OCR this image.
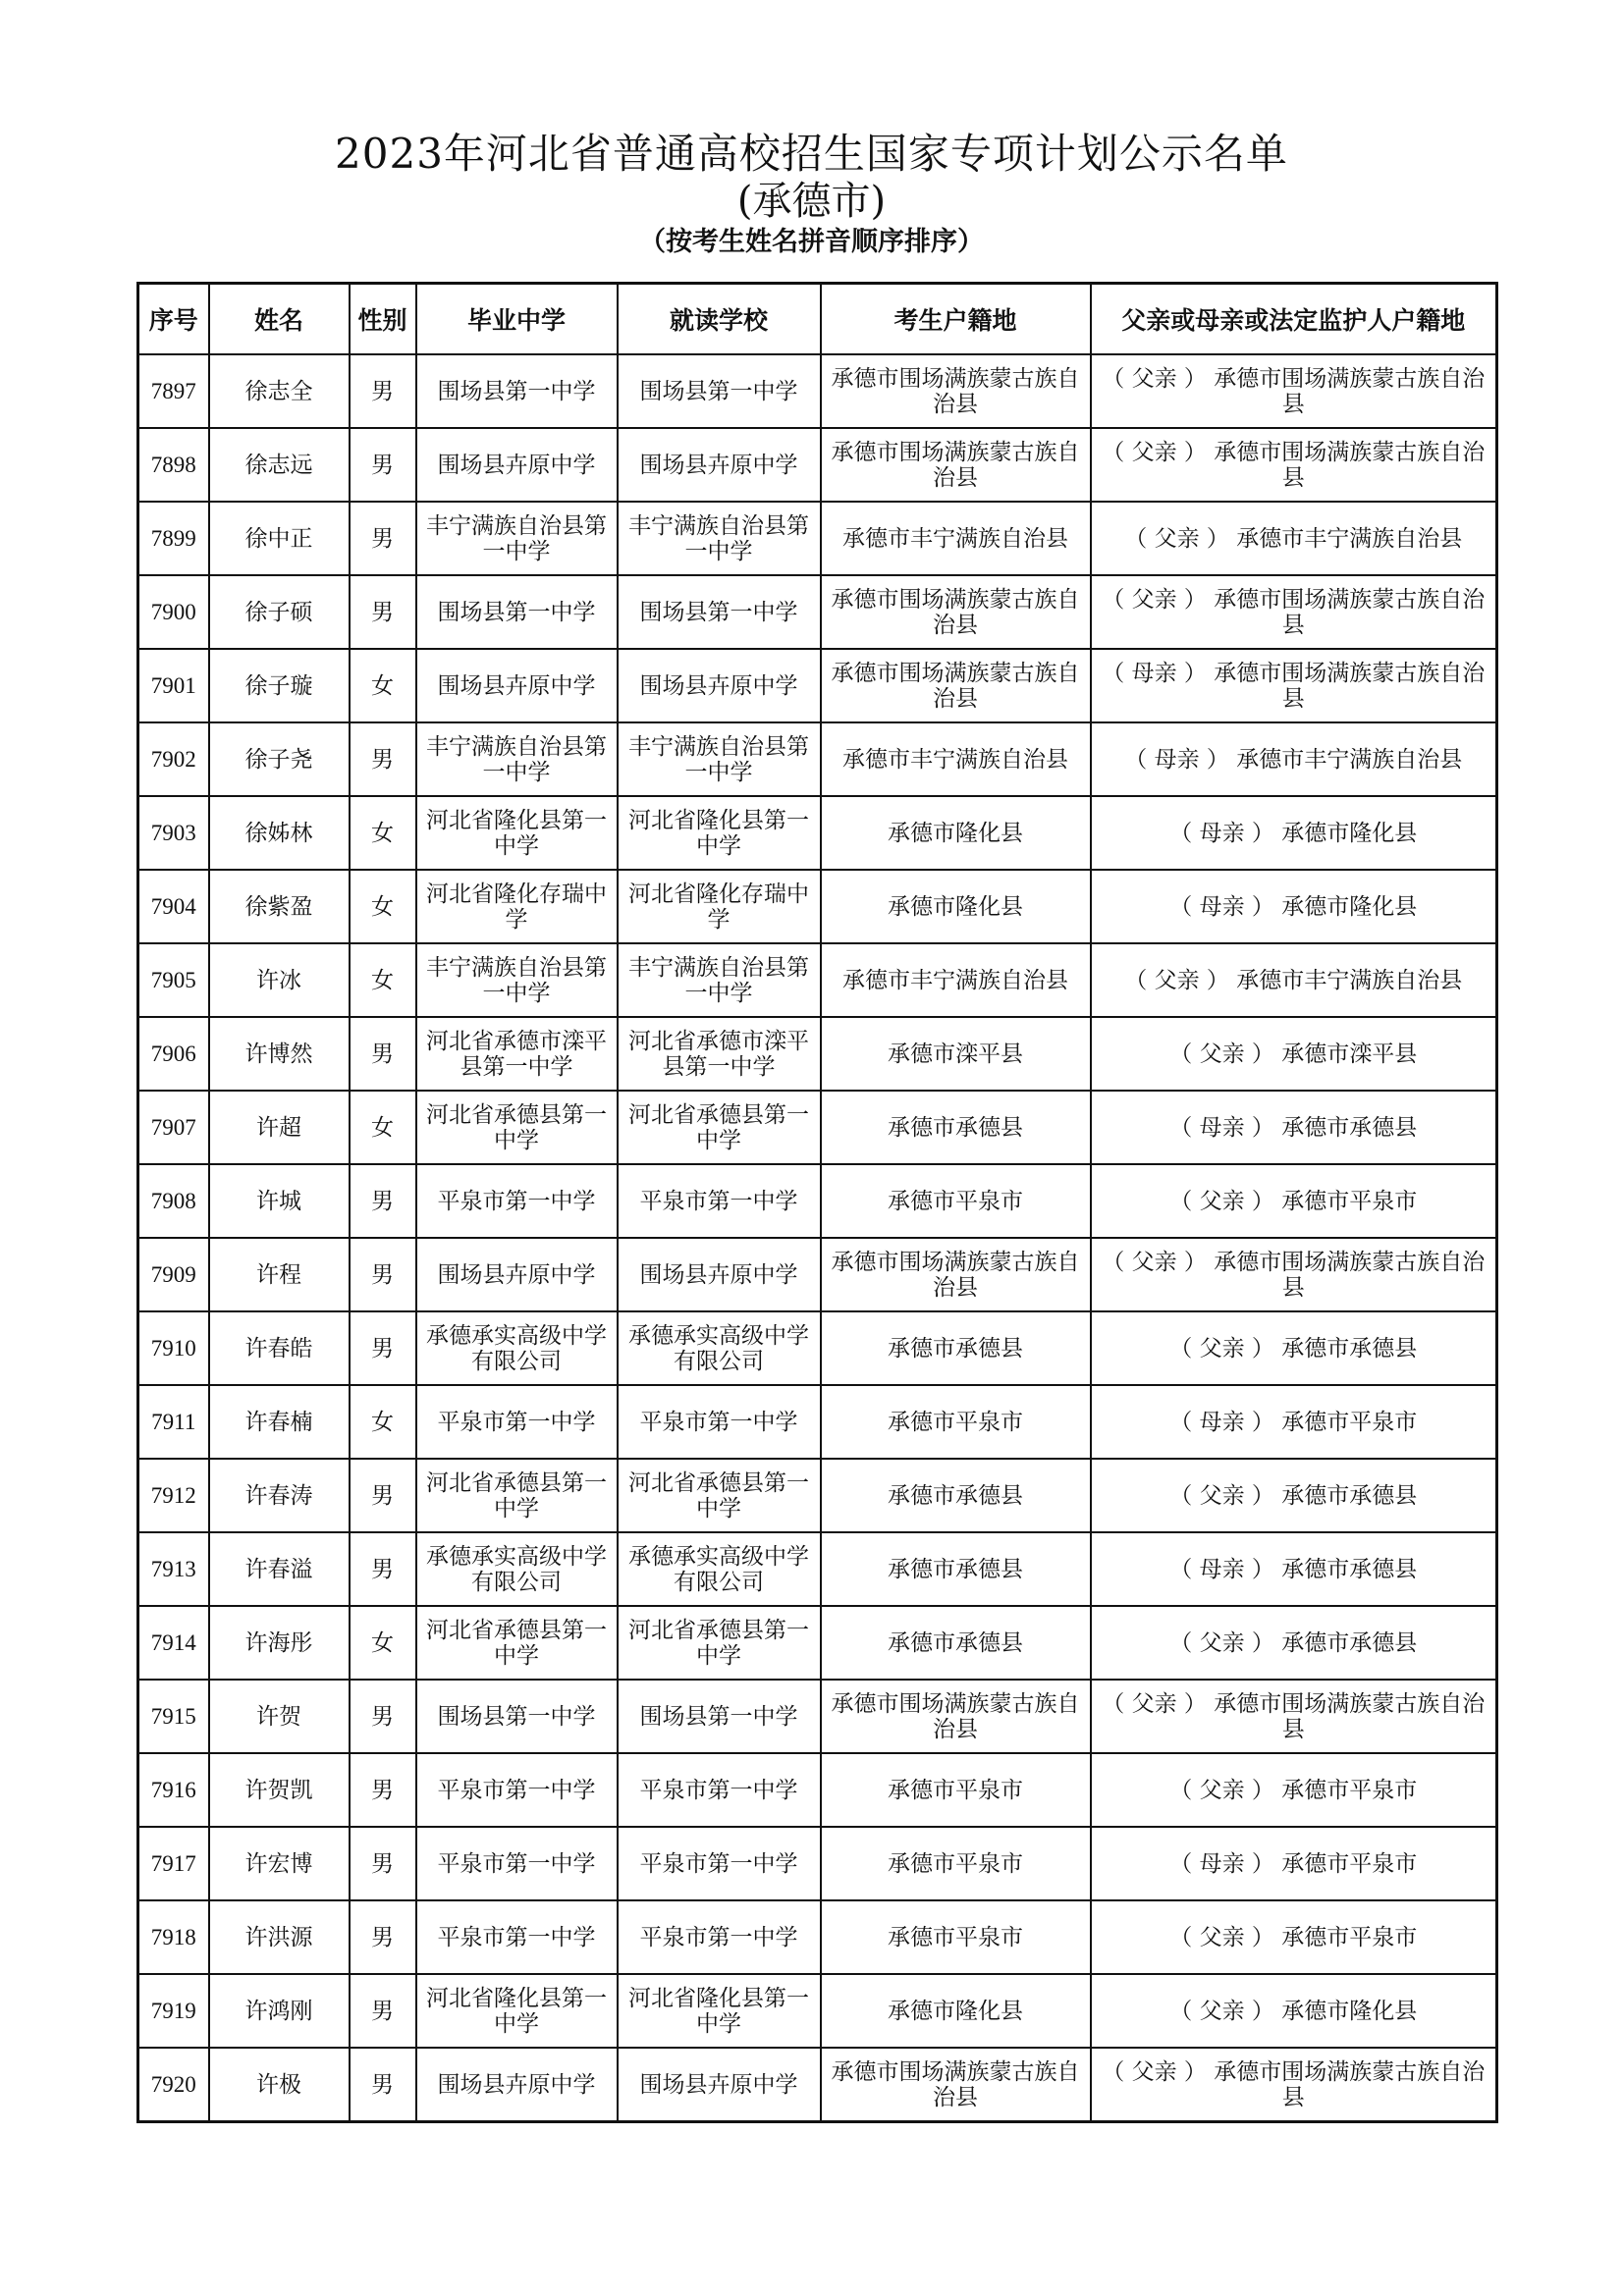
2023年河北省普通高校招生国家专项计划公示名单
(承德市)
（按考生姓名拼音顺序排序）
序号	姓名	性别	毕业中学	就读学校	考生户籍地	父亲或母亲或法定监护人户籍地
7897	徐志全	男	围场县第一中学	围场县第一中学	承德市围场满族蒙古族自治县	（ 父亲 ） 承德市围场满族蒙古族自治县
7898	徐志远	男	围场县卉原中学	围场县卉原中学	承德市围场满族蒙古族自治县	（ 父亲 ） 承德市围场满族蒙古族自治县
7899	徐中正	男	丰宁满族自治县第一中学	丰宁满族自治县第一中学	承德市丰宁满族自治县	（ 父亲 ） 承德市丰宁满族自治县
7900	徐子硕	男	围场县第一中学	围场县第一中学	承德市围场满族蒙古族自治县	（ 父亲 ） 承德市围场满族蒙古族自治县
7901	徐子璇	女	围场县卉原中学	围场县卉原中学	承德市围场满族蒙古族自治县	（ 母亲 ） 承德市围场满族蒙古族自治县
7902	徐子尧	男	丰宁满族自治县第一中学	丰宁满族自治县第一中学	承德市丰宁满族自治县	（ 母亲 ） 承德市丰宁满族自治县
7903	徐姊林	女	河北省隆化县第一中学	河北省隆化县第一中学	承德市隆化县	（ 母亲 ） 承德市隆化县
7904	徐紫盈	女	河北省隆化存瑞中学	河北省隆化存瑞中学	承德市隆化县	（ 母亲 ） 承德市隆化县
7905	许冰	女	丰宁满族自治县第一中学	丰宁满族自治县第一中学	承德市丰宁满族自治县	（ 父亲 ） 承德市丰宁满族自治县
7906	许博然	男	河北省承德市滦平县第一中学	河北省承德市滦平县第一中学	承德市滦平县	（ 父亲 ） 承德市滦平县
7907	许超	女	河北省承德县第一中学	河北省承德县第一中学	承德市承德县	（ 母亲 ） 承德市承德县
7908	许城	男	平泉市第一中学	平泉市第一中学	承德市平泉市	（ 父亲 ） 承德市平泉市
7909	许程	男	围场县卉原中学	围场县卉原中学	承德市围场满族蒙古族自治县	（ 父亲 ） 承德市围场满族蒙古族自治县
7910	许春皓	男	承德承实高级中学有限公司	承德承实高级中学有限公司	承德市承德县	（ 父亲 ） 承德市承德县
7911	许春楠	女	平泉市第一中学	平泉市第一中学	承德市平泉市	（ 母亲 ） 承德市平泉市
7912	许春涛	男	河北省承德县第一中学	河北省承德县第一中学	承德市承德县	（ 父亲 ） 承德市承德县
7913	许春溢	男	承德承实高级中学有限公司	承德承实高级中学有限公司	承德市承德县	（ 母亲 ） 承德市承德县
7914	许海彤	女	河北省承德县第一中学	河北省承德县第一中学	承德市承德县	（ 父亲 ） 承德市承德县
7915	许贺	男	围场县第一中学	围场县第一中学	承德市围场满族蒙古族自治县	（ 父亲 ） 承德市围场满族蒙古族自治县
7916	许贺凯	男	平泉市第一中学	平泉市第一中学	承德市平泉市	（ 父亲 ） 承德市平泉市
7917	许宏博	男	平泉市第一中学	平泉市第一中学	承德市平泉市	（ 母亲 ） 承德市平泉市
7918	许洪源	男	平泉市第一中学	平泉市第一中学	承德市平泉市	（ 父亲 ） 承德市平泉市
7919	许鸿刚	男	河北省隆化县第一中学	河北省隆化县第一中学	承德市隆化县	（ 父亲 ） 承德市隆化县
7920	许极	男	围场县卉原中学	围场县卉原中学	承德市围场满族蒙古族自治县	（ 父亲 ） 承德市围场满族蒙古族自治县
